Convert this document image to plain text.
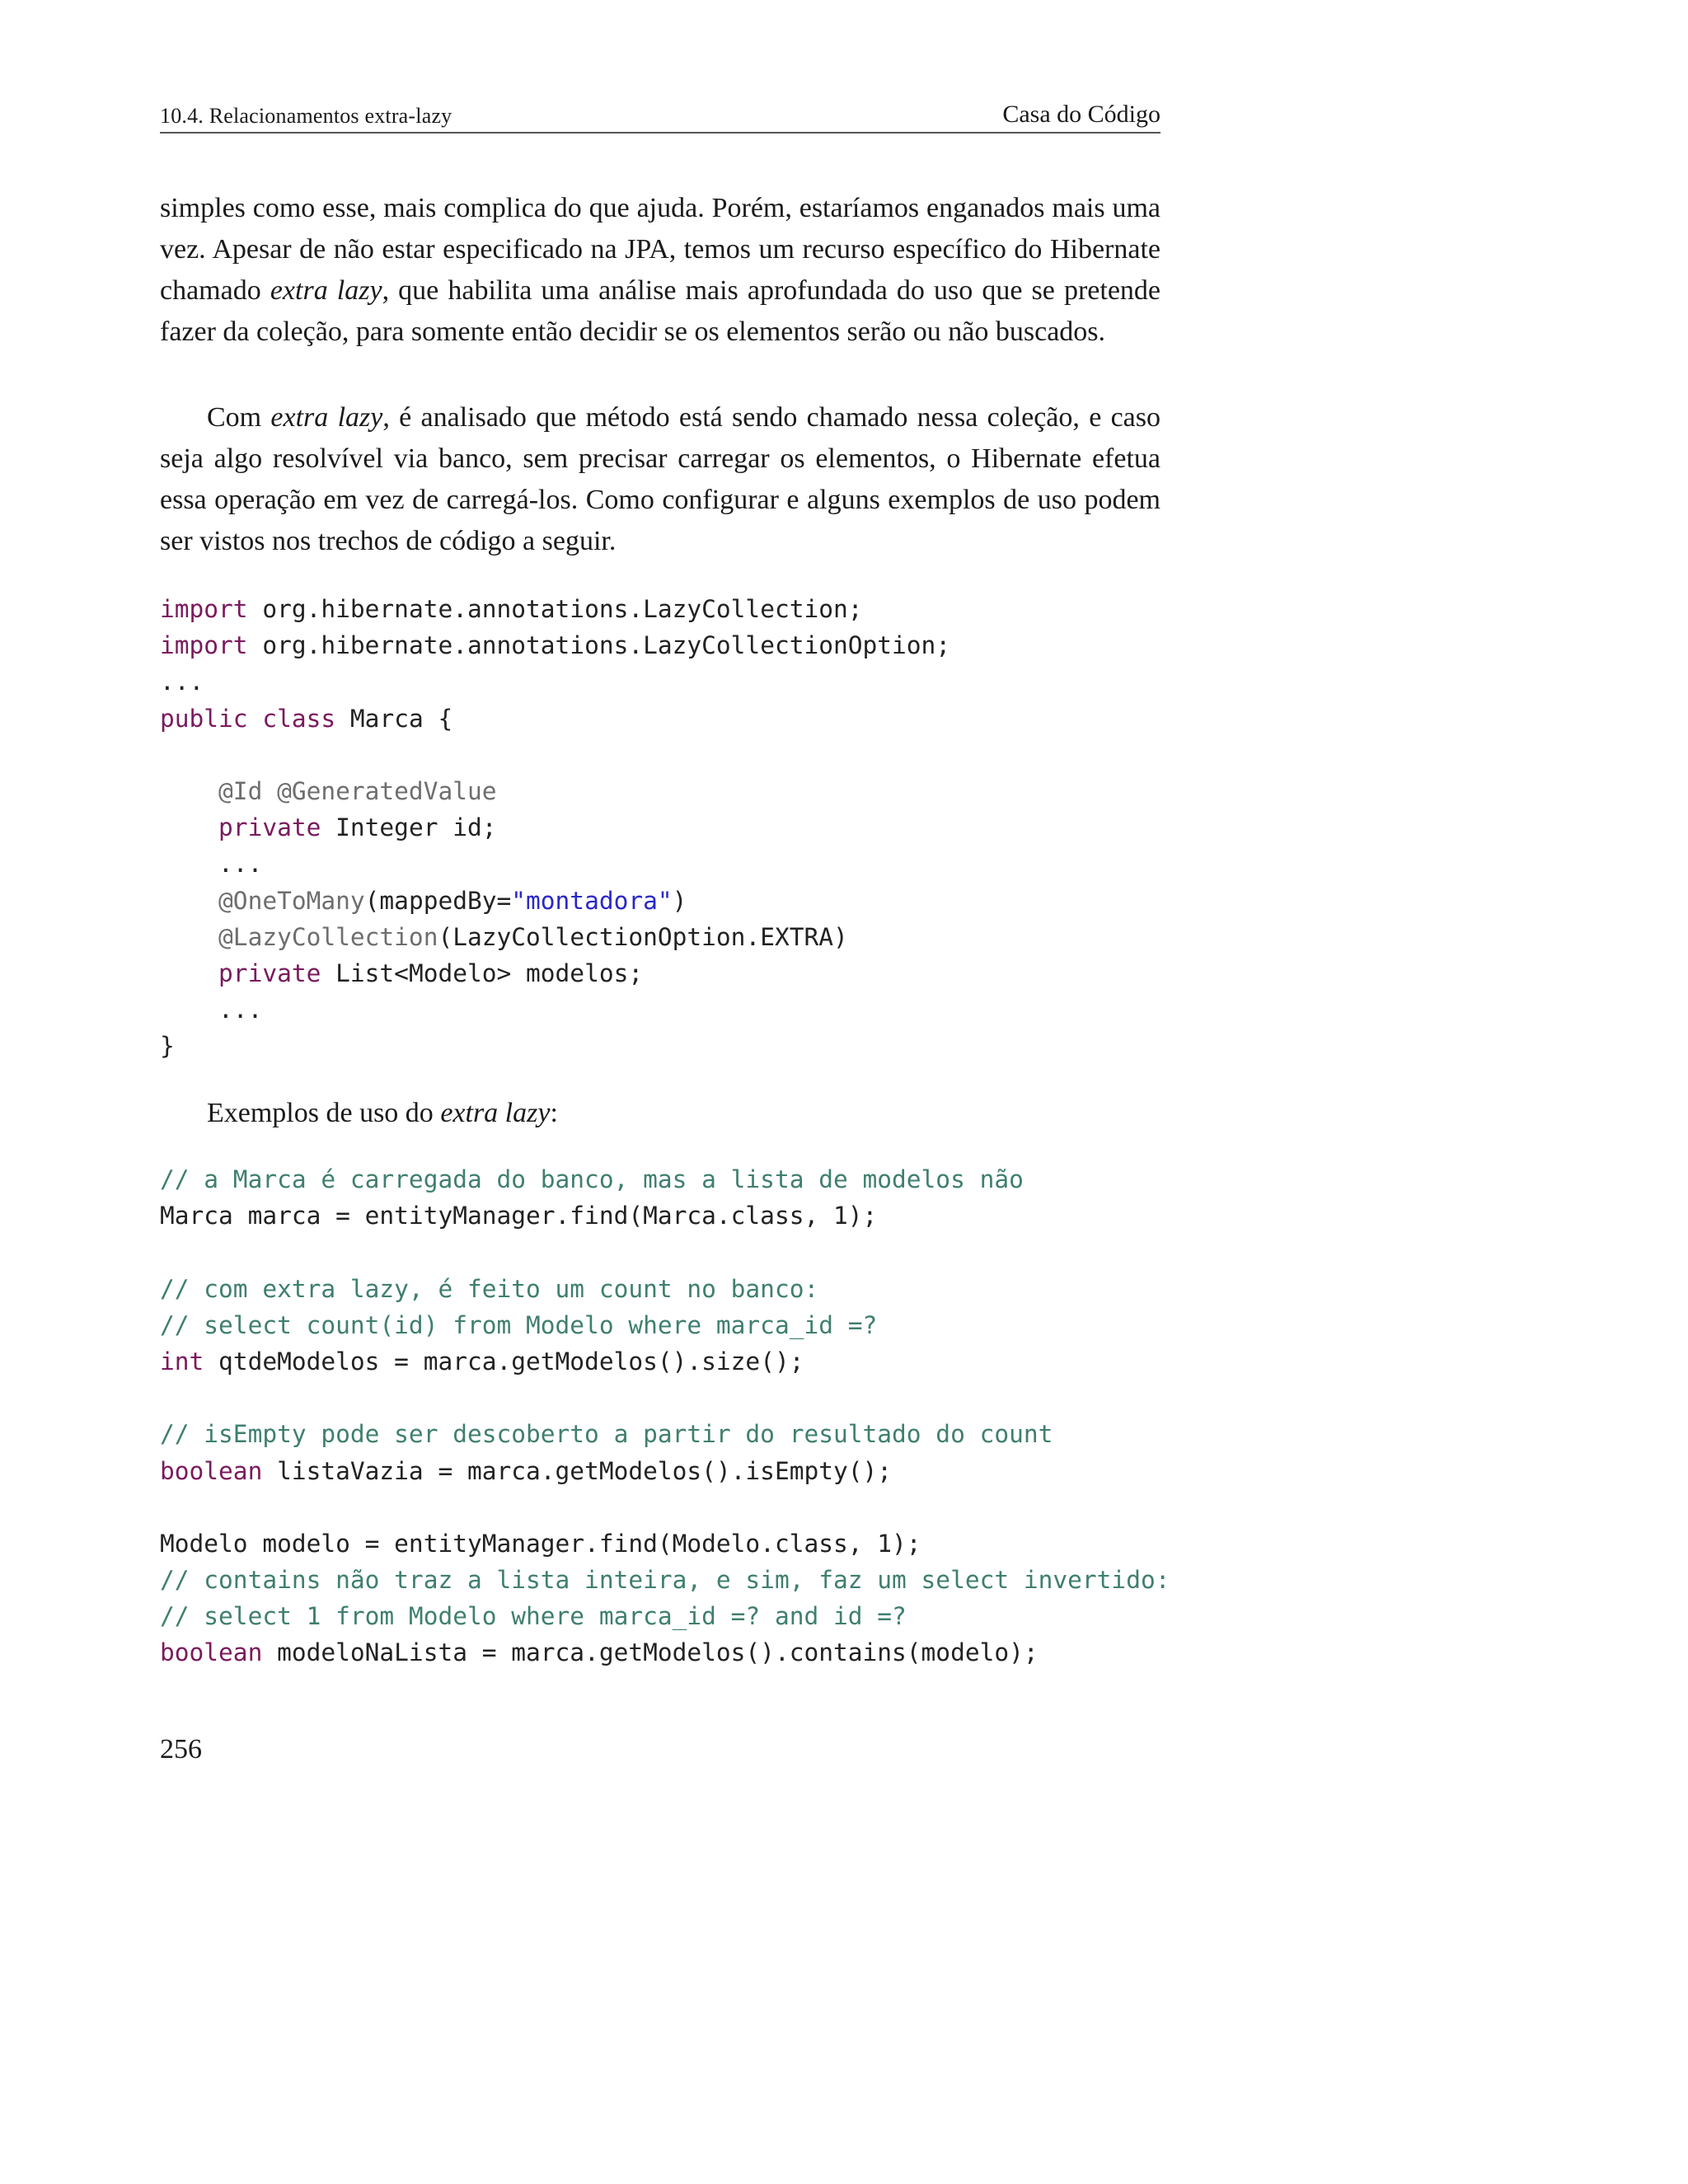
10.4. Relacionamentos extra-lazy	Casa do Código

simples como esse, mais complica do que ajuda. Porém, estaríamos enganados mais uma vez. Apesar de não estar especificado na JPA, temos um recurso específico do Hibernate chamado extra lazy, que habilita uma análise mais aprofundada do uso que se pretende fazer da coleção, para somente então decidir se os elementos serão ou não buscados.

Com extra lazy, é analisado que método está sendo chamado nessa coleção, e caso seja algo resolvível via banco, sem precisar carregar os elementos, o Hibernate efetua essa operação em vez de carregá-los. Como configurar e alguns exemplos de uso podem ser vistos nos trechos de código a seguir.

import org.hibernate.annotations.LazyCollection;
import org.hibernate.annotations.LazyCollectionOption;
...
public class Marca {
@Id @GeneratedValue
private Integer id;
...
@OneToMany(mappedBy="montadora")
@LazyCollection(LazyCollectionOption.EXTRA)
private List<Modelo> modelos;
...
}

Exemplos de uso do extra lazy:

// a Marca é carregada do banco, mas a lista de modelos não
Marca marca = entityManager.find(Marca.class, 1);
// com extra lazy, é feito um count no banco:
// select count(id) from Modelo where marca_id =?
int qtdeModelos = marca.getModelos().size();
// isEmpty pode ser descoberto a partir do resultado do count
boolean listaVazia = marca.getModelos().isEmpty();
Modelo modelo = entityManager.find(Modelo.class, 1);
// contains não traz a lista inteira, e sim, faz um select invertido:
// select 1 from Modelo where marca_id =? and id =?
boolean modeloNaLista = marca.getModelos().contains(modelo);
256
